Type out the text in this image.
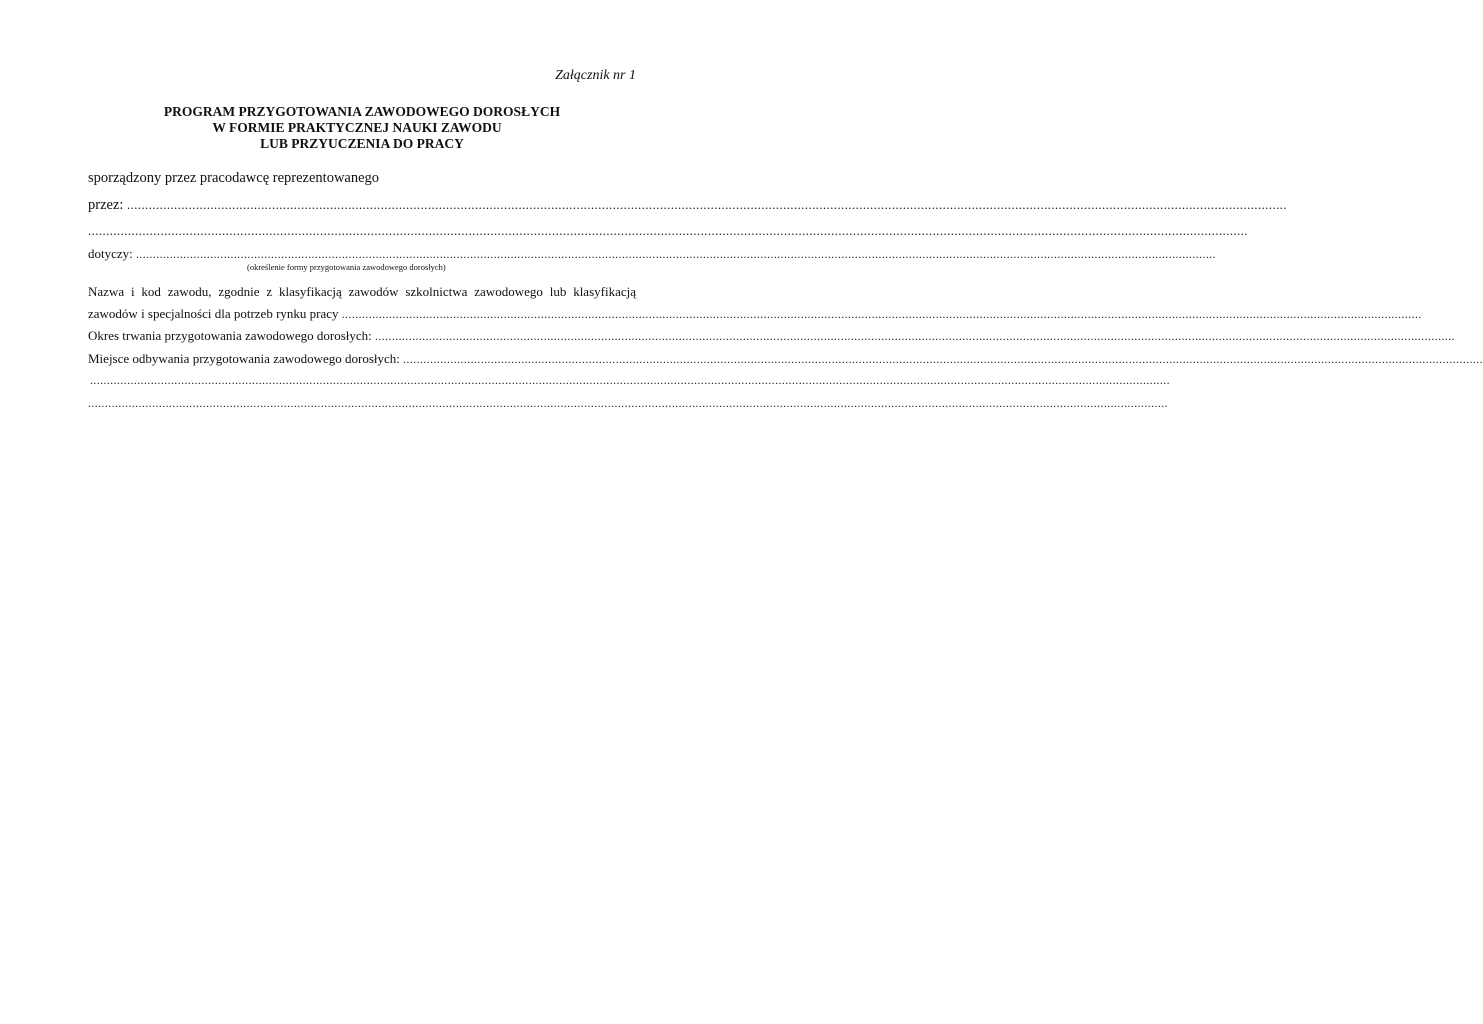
Załącznik nr 1
PROGRAM PRZYGOTOWANIA ZAWODOWEGO DOROSŁYCH
W FORMIE PRAKTYCZNEJ NAUKI ZAWODU
LUB PRZYUCZENIA DO PRACY
sporządzony przez pracodawcę reprezentowanego
przez:
................................................................................................................................................................................................................................................................................................................................
................................................................................................................................................................................................................................................................................................................................
dotyczy:
................................................................................................................................................................................................................................................................................................................................
(określenie formy przygotowania zawodowego dorosłych)
Nazwa i kod zawodu, zgodnie z klasyfikacją zawodów szkolnictwa zawodowego lub klasyfikacją
zawodów i specjalności dla potrzeb rynku pracy
................................................................................................................................................................................................................................................................................................................................
Okres trwania przygotowania zawodowego dorosłych:
................................................................................................................................................................................................................................................................................................................................
Miejsce odbywania przygotowania zawodowego dorosłych:
................................................................................................................................................................................................................................................................................................................................
................................................................................................................................................................................................................................................................................................................................
................................................................................................................................................................................................................................................................................................................................
